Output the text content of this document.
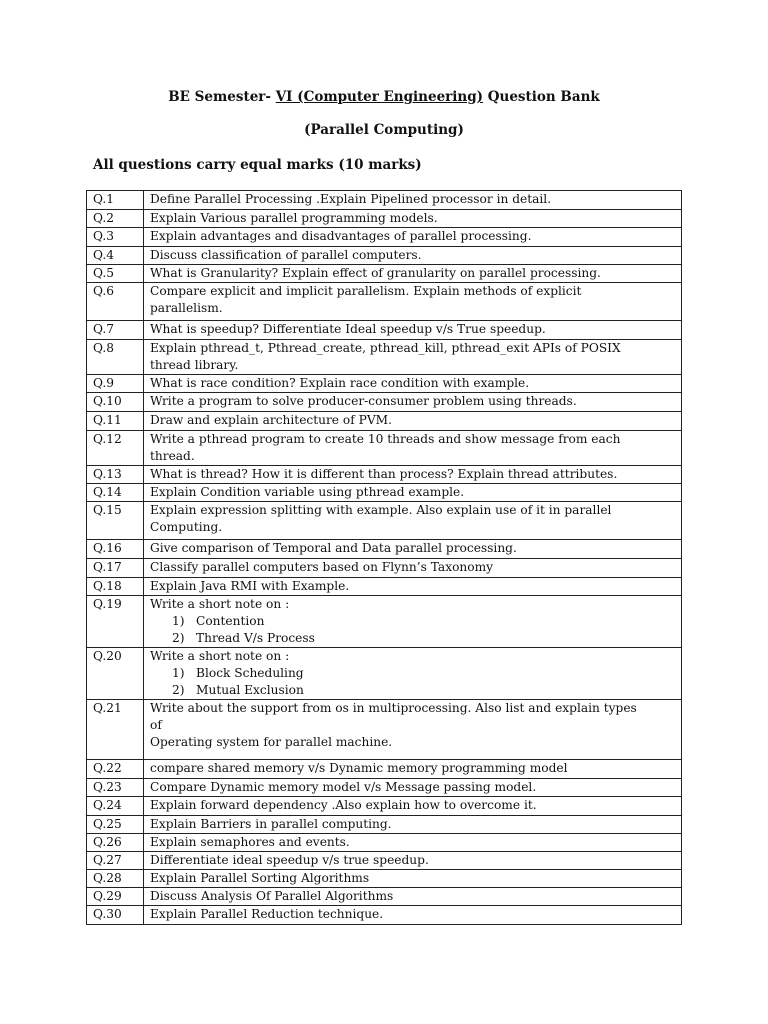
BE Semester- VI (Computer Engineering) Question Bank
(Parallel Computing)
All questions carry equal marks (10 marks)
Q.1	Define Parallel Processing .Explain Pipelined processor in detail.

Q.2	Explain Various parallel programming models.

Q.3	Explain advantages and disadvantages of parallel processing.

Q.4	Discuss classification of parallel computers.

Q.5	What is Granularity? Explain effect of granularity on parallel processing.

Q.6	Compare explicit and implicit parallelism. Explain methods of explicit
parallelism.

Q.7	What is speedup? Differentiate Ideal speedup v/s True speedup.

Q.8	Explain pthread_t, Pthread_create, pthread_kill, pthread_exit APIs of POSIX
thread library.

Q.9	What is race condition? Explain race condition with example.

Q.10	Write a program to solve producer-consumer problem using threads.

Q.11	Draw and explain architecture of PVM.

Q.12	Write a pthread program to create 10 threads and show message from each
thread.

Q.13	What is thread? How it is different than process? Explain thread attributes.

Q.14	Explain Condition variable using pthread example.

Q.15	Explain expression splitting with example. Also explain use of it in parallel
Computing.

Q.16	Give comparison of Temporal and Data parallel processing.

Q.17	Classify parallel computers based on Flynn’s Taxonomy

Q.18	Explain Java RMI with Example.

Q.19	Write a short note on :
1) Contention
2) Thread V/s Process

Q.20	Write a short note on :
1) Block Scheduling
2) Mutual Exclusion

Q.21	Write about the support from os in multiprocessing. Also list and explain types
of
Operating system for parallel machine.

Q.22	compare shared memory v/s Dynamic memory programming model

Q.23	Compare Dynamic memory model v/s Message passing model.

Q.24	Explain forward dependency .Also explain how to overcome it.

Q.25	Explain Barriers in parallel computing.

Q.26	Explain semaphores and events.

Q.27	Differentiate ideal speedup v/s true speedup.

Q.28	Explain Parallel Sorting Algorithms

Q.29	Discuss Analysis Of Parallel Algorithms

Q.30	Explain Parallel Reduction technique.
